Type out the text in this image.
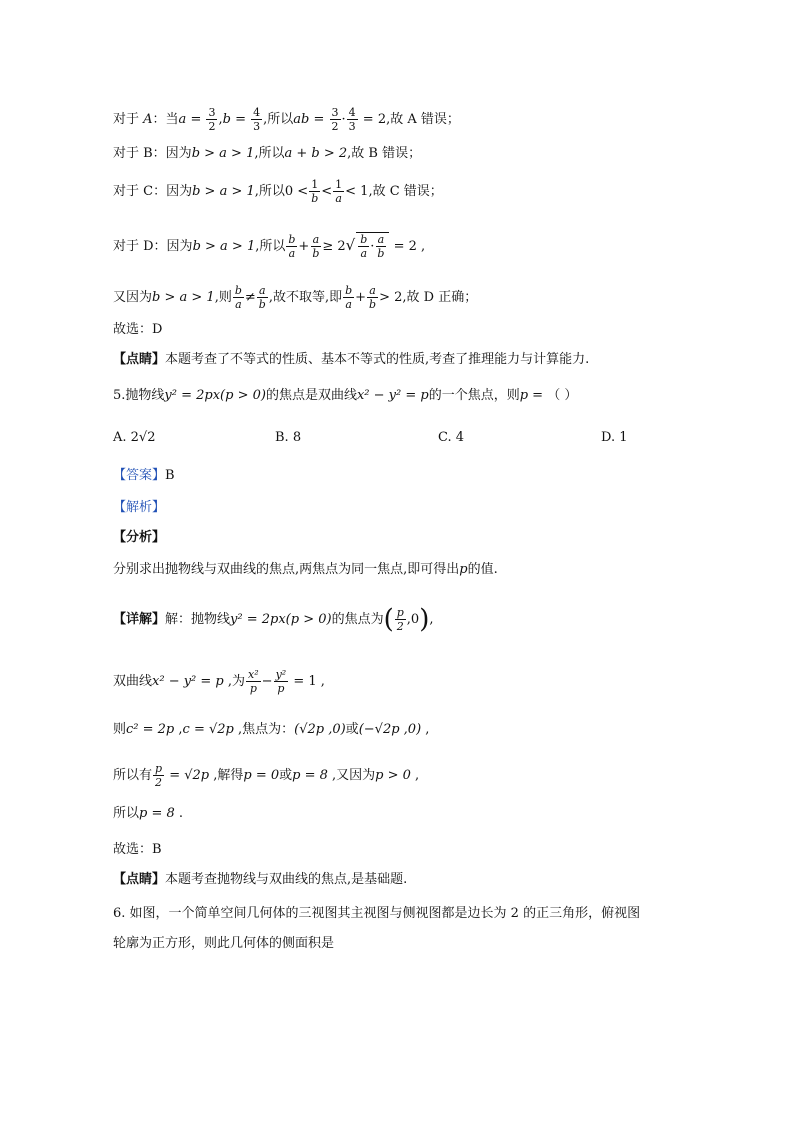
对于 A：当$a = \frac{3}{2} ,b = \frac{4}{3}$ ,所以ab = $\frac{3}{2} \cdot \frac{4}{3} = 2$,故 A 错误；
对于 B：因为b > a > 1,所以a + b > 2,故 B 错误；
对于 C：因为b > a > 1,所以$0 < \frac{1}{b} < \frac{1}{a} < 1$,故 C 错误；
对于 D：因为b > a > 1,所以 $\frac{b}{a} + \frac{a}{b} \ge 2√ \frac{b}{a} \cdot \frac{a}{b} = 2$ ,
又因为b > a > 1,则 $\frac{b}{a} \ne \frac{a}{b}$ ,故不取等,即 $\frac{b}{a} + \frac{a}{b} > 2$,故 D 正确；
故选：D
【点睛】本题考查了不等式的性质、基本不等式的性质,考查了推理能力与计算能力.
5.抛物线y² = 2px(p > 0)的焦点是双曲线x² − y² = p的一个焦点，则p = （ ）
A. 2√2	B. 8	C. 4	D. 1
【答案】B
【解析】
【分析】
分别求出抛物线与双曲线的焦点,两焦点为同一焦点,即可得出p的值.
【详解】解：抛物线y² = 2px(p > 0)的焦点为( $\frac{p}{2} ,0$),
双曲线x² − y² = p ,为 $\frac{\text{x²}}{p} - \frac{\text{y²}}{p} = 1$ ,
则c² = 2p ,c = √2p ,焦点为：(√2p ,0)或(−√2p ,0) ,
所以有 $\frac{p}{2} = √2p$ ,解得p = 0或p = 8 ,又因为p > 0 ,
所以p = 8 .
故选：B
【点睛】本题考查抛物线与双曲线的焦点,是基础题.
6. 如图，一个简单空间几何体的三视图其主视图与侧视图都是边长为 2 的正三角形，俯视图
轮廓为正方形，则此几何体的侧面积是
